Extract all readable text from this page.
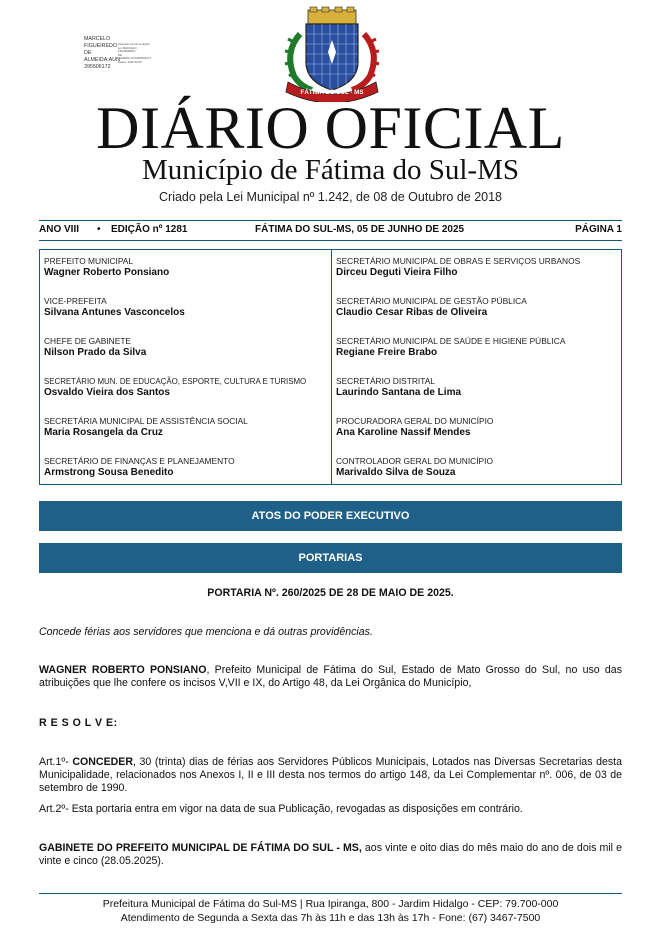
MARCELO
FIGUEIREDO
DE
ALMEIDA:AUN
395506172
Assinado de forma digital por MARCELO FIGUEIREDO
DE
ALMEIDA:AUN395506172
Dados: 2025.06.05
FÁTIMA DO SUL - MS
DIÁRIO OFICIAL
Município de Fátima do Sul-MS
Criado pela Lei Municipal nº 1.242, de 08 de Outubro de 2018
ANO VIII • EDIÇÃO nº 1281	FÁTIMA DO SUL-MS, 05 DE JUNHO DE 2025	PÁGINA 1
PREFEITO MUNICIPAL
Wagner Roberto Ponsiano
VICE-PREFEITA
Silvana Antunes Vasconcelos
CHEFE DE GABINETE
Nilson Prado da Silva
SECRETÁRIO MUN. DE EDUCAÇÃO, ESPORTE, CULTURA E TURISMO
Osvaldo Vieira dos Santos
SECRETÁRIA MUNICIPAL DE ASSISTÊNCIA SOCIAL
Maria Rosangela da Cruz
SECRETÁRIO DE FINANÇAS E PLANEJAMENTO
Armstrong Sousa Benedito
SECRETÁRIO MUNICIPAL DE OBRAS E SERVIÇOS URBANOS
Dirceu Deguti Vieira Filho
SECRETÁRIO MUNICIPAL DE GESTÃO PÚBLICA
Claudio Cesar Ribas de Oliveira
SECRETÁRIO MUNICIPAL DE SAÚDE E HIGIENE PÚBLICA
Regiane Freire Brabo
SECRETÁRIO DISTRITAL
Laurindo Santana de Lima
PROCURADORA GERAL DO MUNICÍPIO
Ana Karoline Nassif Mendes
CONTROLADOR GERAL DO MUNICÍPIO
Marivaldo Silva de Souza
ATOS DO PODER EXECUTIVO
PORTARIAS
PORTARIA Nº. 260/2025 DE 28 DE MAIO DE 2025.
Concede férias aos servidores que menciona e dá outras providências.
WAGNER ROBERTO PONSIANO, Prefeito Municipal de Fátima do Sul, Estado de Mato Grosso do Sul, no uso das atribuições que lhe confere os incisos V,VII e IX, do Artigo 48, da Lei Orgânica do Município,
R E S O L V E:
Art.1º- CONCEDER, 30 (trinta) dias de férias aos Servidores Públicos Municipais, Lotados nas Diversas Secretarias desta Municipalidade, relacionados nos Anexos I, II e III desta nos termos do artigo 148, da Lei Complementar nº. 006, de 03 de setembro de 1990.
Art.2º- Esta portaria entra em vigor na data de sua Publicação, revogadas as disposições em contrário.
GABINETE DO PREFEITO MUNICIPAL DE FÁTIMA DO SUL - MS, aos vinte e oito dias do mês maio do ano de dois mil e vinte e cinco (28.05.2025).
Prefeitura Municipal de Fátima do Sul-MS | Rua Ipiranga, 800 - Jardim Hidalgo - CEP: 79.700-000
Atendimento de Segunda a Sexta das 7h às 11h e das 13h às 17h - Fone: (67) 3467-7500
